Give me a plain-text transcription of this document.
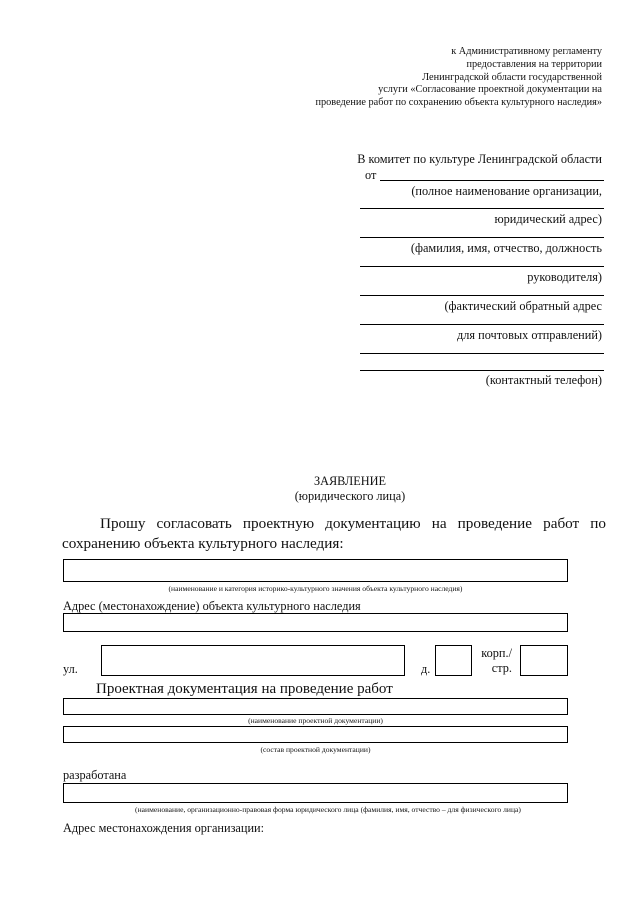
к Административному регламенту
предоставления на территории
Ленинградской области государственной
услуги «Согласование проектной документации на
проведение работ по сохранению объекта культурного наследия»
В комитет по культуре Ленинградской области
от
(полное наименование организации,
юридический адрес)
(фамилия, имя, отчество, должность
руководителя)
(фактический обратный адрес
для почтовых отправлений)
(контактный телефон)
ЗАЯВЛЕНИЕ
(юридического лица)
Прошу согласовать проектную документацию на проведение работ по
сохранению объекта культурного наследия:
(наименование и категория историко-культурного значения объекта культурного наследия)
Адрес (местонахождение) объекта культурного наследия
ул.	д.
корп./
стр.
Проектная документация на проведение работ
(наименование проектной документации)
(состав проектной документации)
разработана
(наименование, организационно-правовая форма юридического лица (фамилия, имя, отчество – для физического лица)
Адрес местонахождения организации:
